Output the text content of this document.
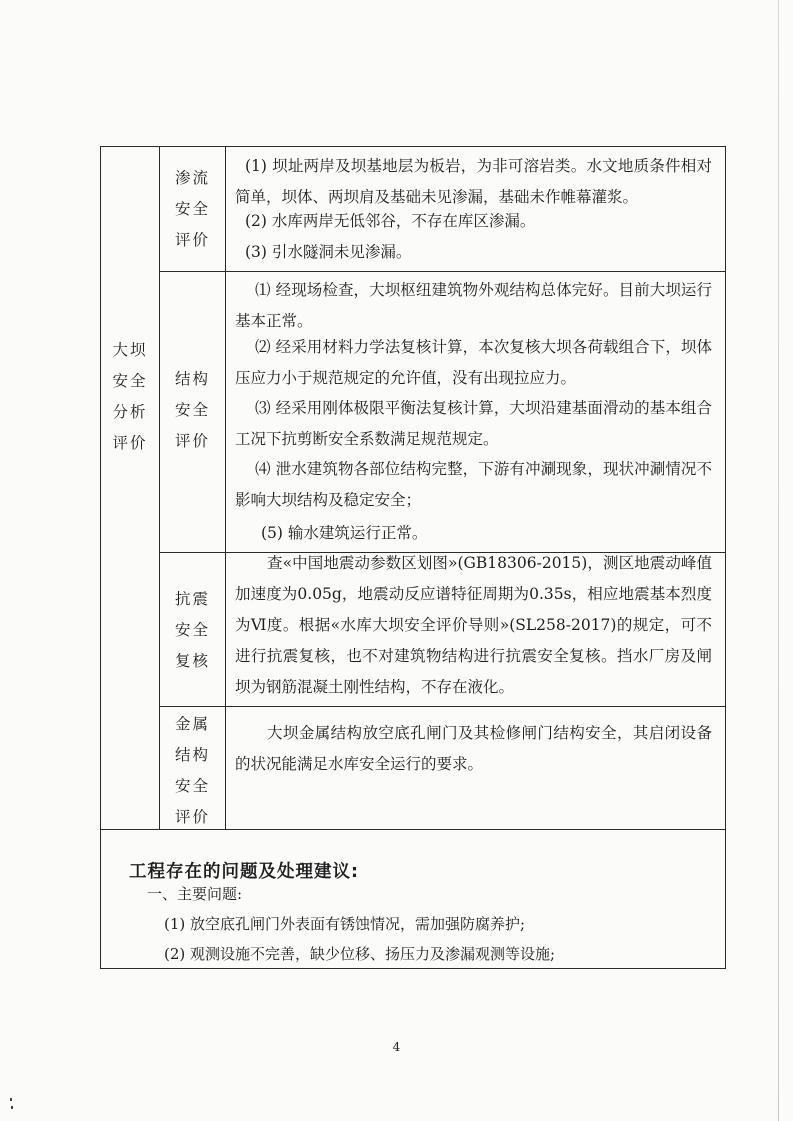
大坝
安全
分析
评价
渗流
安全
评价
(1) 坝址两岸及坝基地层为板岩，为非可溶岩类。水文地质条件相对简单，坝体、两坝肩及基础未见渗漏，基础未作帷幕灌浆。
(2) 水库两岸无低邻谷，不存在库区渗漏。
(3) 引水隧洞未见渗漏。
结构
安全
评价
⑴ 经现场检查，大坝枢纽建筑物外观结构总体完好。目前大坝运行基本正常。
⑵ 经采用材料力学法复核计算，本次复核大坝各荷载组合下，坝体压应力小于规范规定的允许值，没有出现拉应力。
⑶ 经采用刚体极限平衡法复核计算，大坝沿建基面滑动的基本组合工况下抗剪断安全系数满足规范规定。
⑷ 泄水建筑物各部位结构完整，下游有冲涮现象，现状冲涮情况不影响大坝结构及稳定安全；
(5) 输水建筑运行正常。
抗震
安全
复核
查«中国地震动参数区划图»(GB18306-2015)，测区地震动峰值加速度为0.05g，地震动反应谱特征周期为0.35s，相应地震基本烈度为Ⅵ度。根据«水库大坝安全评价导则»(SL258-2017)的规定，可不进行抗震复核，也不对建筑物结构进行抗震安全复核。挡水厂房及闸坝为钢筋混凝土刚性结构，不存在液化。
金属
结构
安全
评价
大坝金属结构放空底孔闸门及其检修闸门结构安全，其启闭设备的状况能满足水库安全运行的要求。
工程存在的问题及处理建议:
一、主要问题:
(1) 放空底孔闸门外表面有锈蚀情况，需加强防腐养护;
(2) 观测设施不完善，缺少位移、扬压力及渗漏观测等设施;
4
